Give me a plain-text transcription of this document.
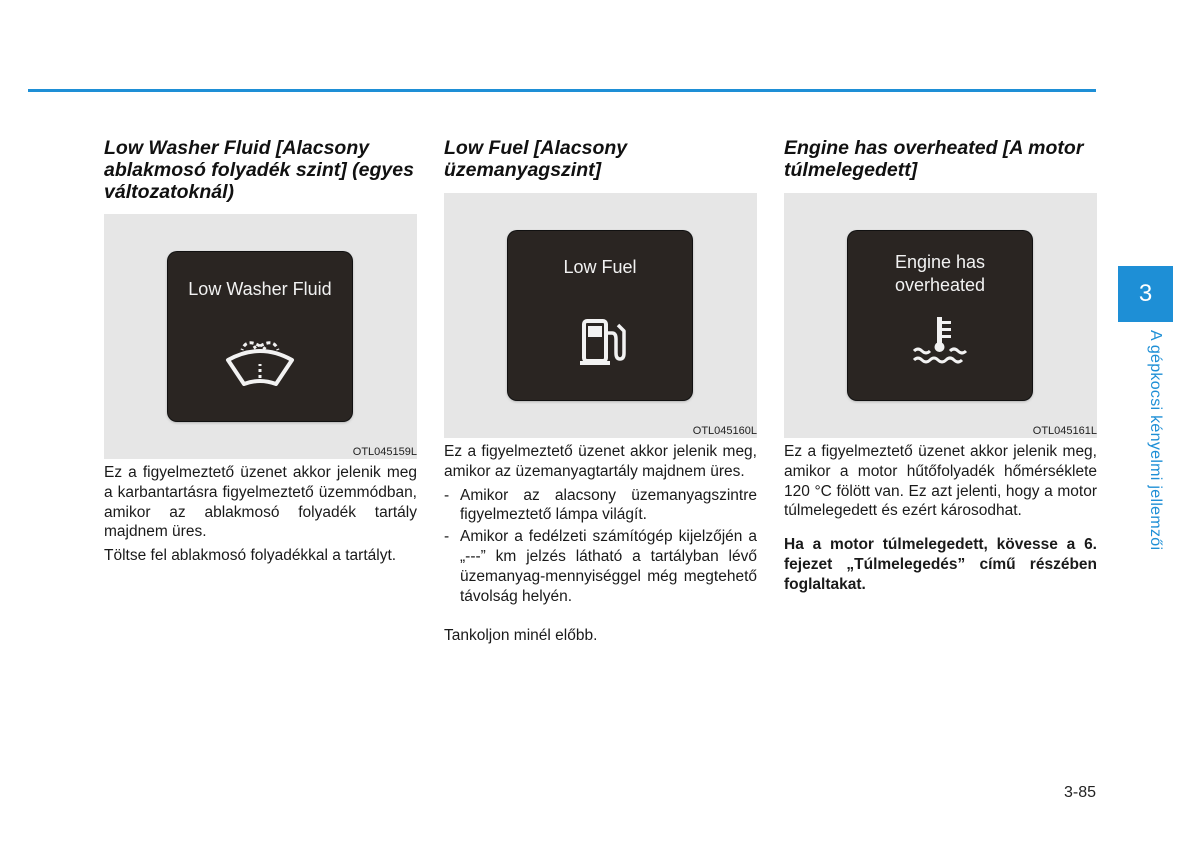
Low Washer Fluid [Alacsony ablakmosó folyadék szint] (egyes változatoknál)
Low Washer Fluid
OTL045159L

Ez a figyelmeztető üzenet akkor jelenik meg a karbantartásra figyelmeztető üzemmódban, amikor az ablakmosó folyadék tartály majdnem üres.

Töltse fel ablakmosó folyadékkal a tartályt.

Low Fuel [Alacsony üzemanyagszint]
Low Fuel
OTL045160L

Ez a figyelmeztető üzenet akkor jelenik meg, amikor az üzemanyagtartály majdnem üres.

- Amikor az alacsony üzemanyagszintre figyelmeztető lámpa világít.
- Amikor a fedélzeti számítógép kijelzőjén a „---” km jelzés látható a tartályban lévő üzemanyag-mennyiséggel még megtehető távolság helyén.

Tankoljon minél előbb.

Engine has overheated [A motor túlmelegedett]
Engine has
overheated
OTL045161L

Ez a figyelmeztető üzenet akkor jelenik meg, amikor a motor hűtőfolyadék hőmérséklete 120 °C fölött van. Ez azt jelenti, hogy a motor túlmelegedett és ezért károsodhat.

Ha a motor túlmelegedett, kövesse a 6. fejezet „Túlmelegedés” című részében foglaltakat.

3
A gépkocsi kényelmi jellemzői
3-85
